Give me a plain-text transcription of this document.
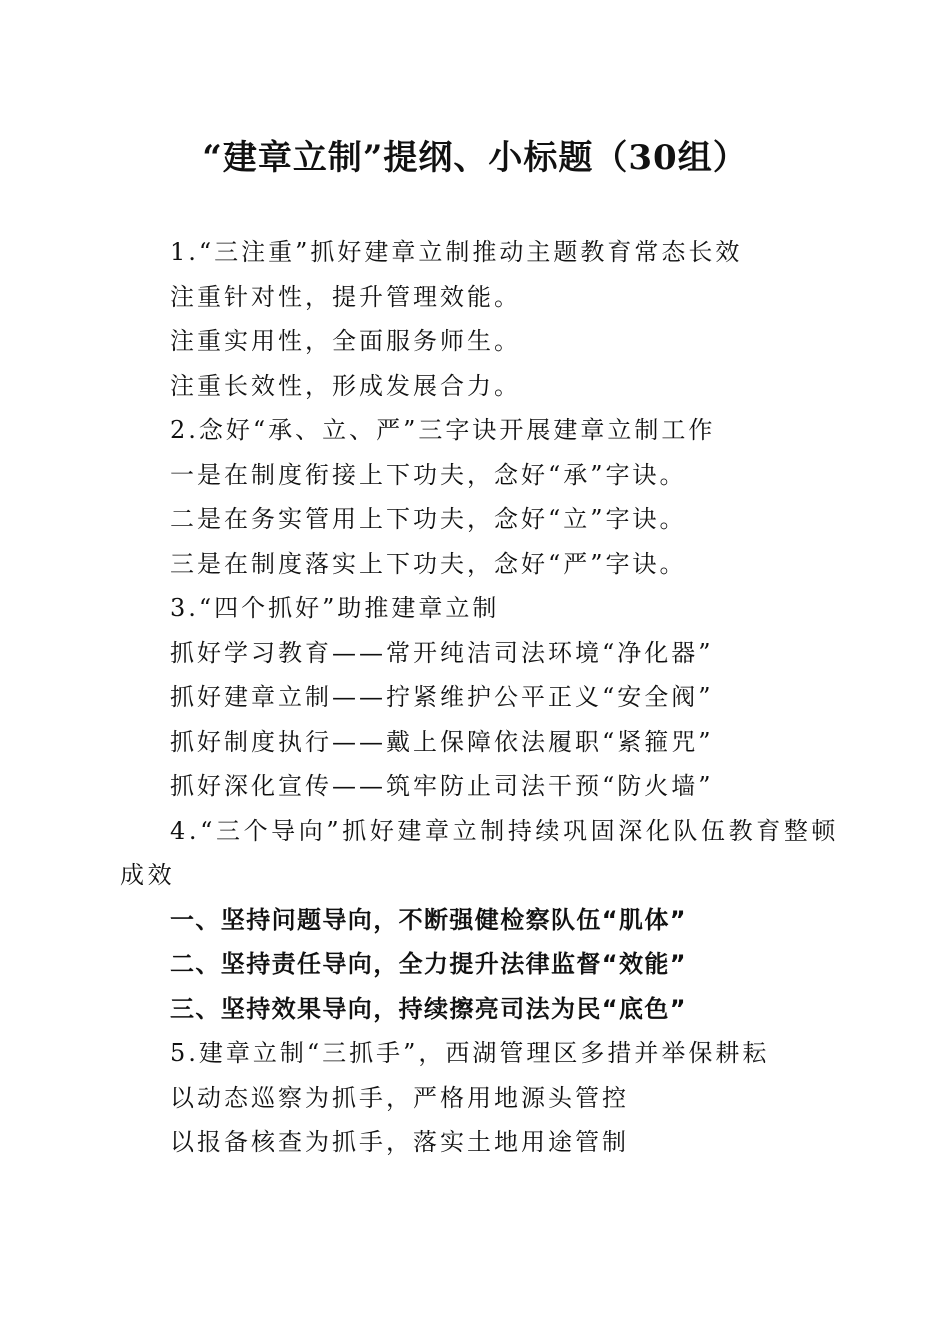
“建章立制”提纲、小标题（30组）

1.“三注重”抓好建章立制推动主题教育常态长效

注重针对性，提升管理效能。

注重实用性，全面服务师生。

注重长效性，形成发展合力。

2.念好“承、立、严”三字诀开展建章立制工作

一是在制度衔接上下功夫，念好“承”字诀。

二是在务实管用上下功夫，念好“立”字诀。

三是在制度落实上下功夫，念好“严”字诀。

3.“四个抓好”助推建章立制

抓好学习教育——常开纯洁司法环境“净化器”

抓好建章立制——拧紧维护公平正义“安全阀”

抓好制度执行——戴上保障依法履职“紧箍咒”

抓好深化宣传——筑牢防止司法干预“防火墙”

4.“三个导向”抓好建章立制持续巩固深化队伍教育整顿成效

一、坚持问题导向，不断强健检察队伍“肌体”

二、坚持责任导向，全力提升法律监督“效能”

三、坚持效果导向，持续擦亮司法为民“底色”

5.建章立制“三抓手”，西湖管理区多措并举保耕耘

以动态巡察为抓手，严格用地源头管控

以报备核查为抓手，落实土地用途管制
